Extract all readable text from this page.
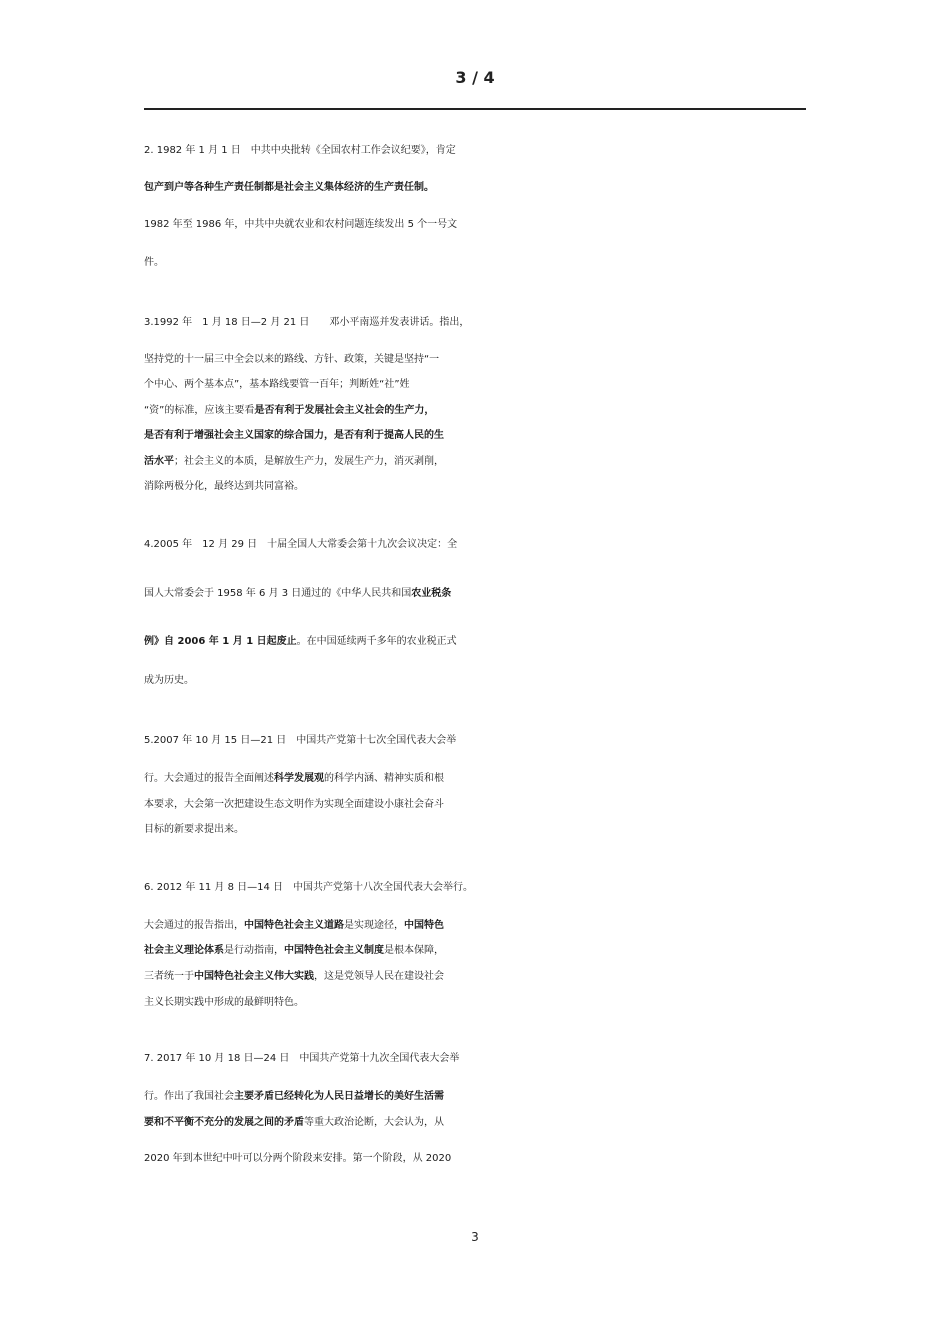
3 / 4
2. 1982 年 1 月 1 日　中共中央批转《全国农村工作会议纪要》，肯定
包产到户等各种生产责任制都是社会主义集体经济的生产责任制。
1982 年至 1986 年，中共中央就农业和农村问题连续发出 5 个一号文
件。
3.1992 年　1 月 18 日—2 月 21 日　　邓小平南巡并发表讲话。指出，
坚持党的十一届三中全会以来的路线、方针、政策，关键是坚持“一
个中心、两个基本点”，基本路线要管一百年；判断姓“社”姓
“资”的标准，应该主要看是否有利于发展社会主义社会的生产力，
是否有利于增强社会主义国家的综合国力，是否有利于提高人民的生
活水平；社会主义的本质，是解放生产力，发展生产力，消灭剥削，
消除两极分化，最终达到共同富裕。
4.2005 年　12 月 29 日　十届全国人大常委会第十九次会议决定：全
国人大常委会于 1958 年 6 月 3 日通过的《中华人民共和国农业税条
例》自 2006 年 1 月 1 日起废止。在中国延续两千多年的农业税正式
成为历史。
5.2007 年 10 月 15 日—21 日　中国共产党第十七次全国代表大会举
行。大会通过的报告全面阐述科学发展观的科学内涵、精神实质和根
本要求，大会第一次把建设生态文明作为实现全面建设小康社会奋斗
目标的新要求提出来。
6. 2012 年 11 月 8 日—14 日　中国共产党第十八次全国代表大会举行。
大会通过的报告指出，中国特色社会主义道路是实现途径，中国特色
社会主义理论体系是行动指南，中国特色社会主义制度是根本保障，
三者统一于中国特色社会主义伟大实践，这是党领导人民在建设社会
主义长期实践中形成的最鲜明特色。
7. 2017 年 10 月 18 日—24 日　中国共产党第十九次全国代表大会举
行。作出了我国社会主要矛盾已经转化为人民日益增长的美好生活需
要和不平衡不充分的发展之间的矛盾等重大政治论断，大会认为，从
2020 年到本世纪中叶可以分两个阶段来安排。第一个阶段，从 2020
3
